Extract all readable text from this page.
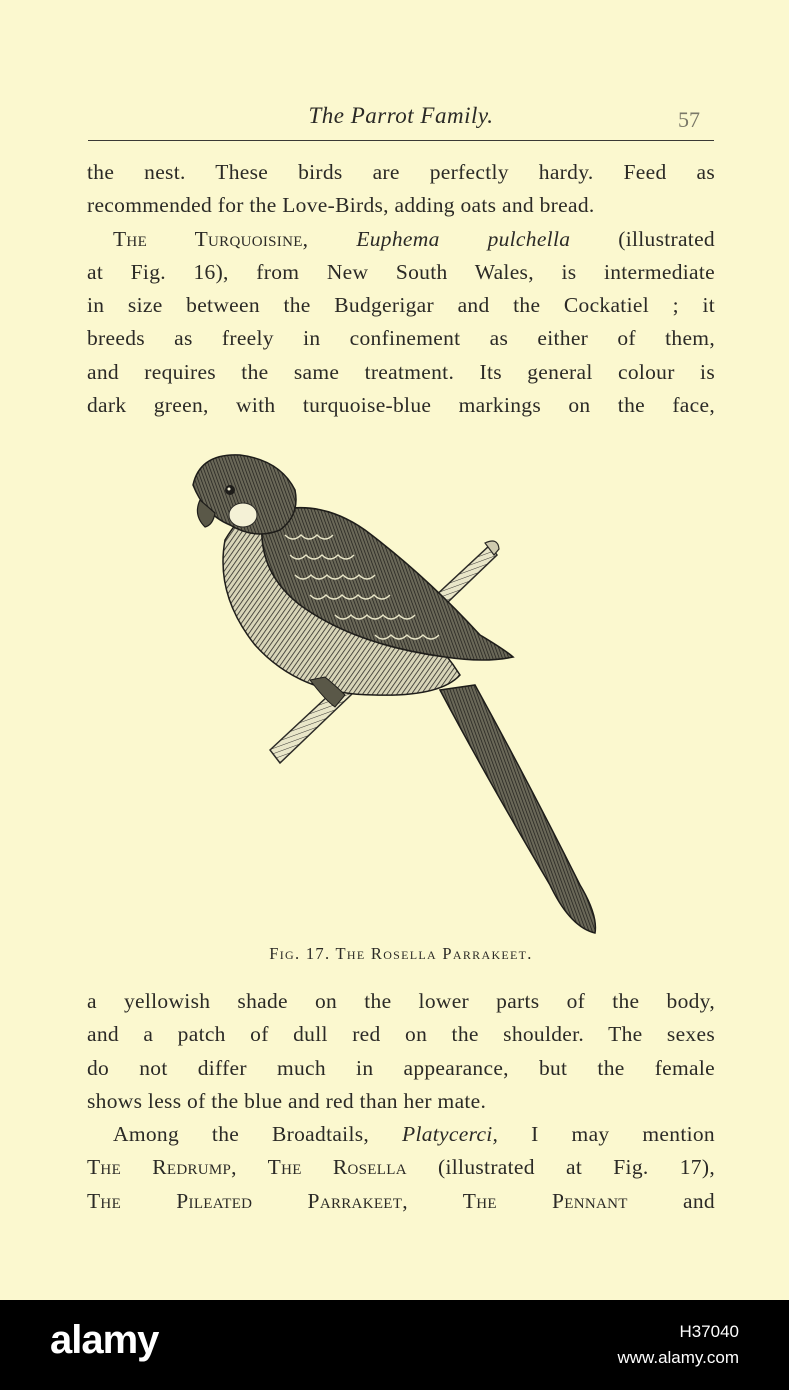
The Parrot Family.	57
the nest. These birds are perfectly hardy. Feed as
recommended for the Love-Birds, adding oats and bread.
The Turquoisine, Euphema pulchella (illustrated
at Fig. 16), from New South Wales, is intermediate
in size between the Budgerigar and the Cockatiel ; it
breeds as freely in confinement as either of them,
and requires the same treatment. Its general colour is
dark green, with turquoise-blue markings on the face,
Fig. 17. The Rosella Parrakeet.
a yellowish shade on the lower parts of the body,
and a patch of dull red on the shoulder. The sexes
do not differ much in appearance, but the female
shows less of the blue and red than her mate.
Among the Broadtails, Platycerci, I may mention
The Redrump, The Rosella (illustrated at Fig. 17),
The Pileated Parrakeet, The Pennant	and
alamy	H37040
www.alamy.com
